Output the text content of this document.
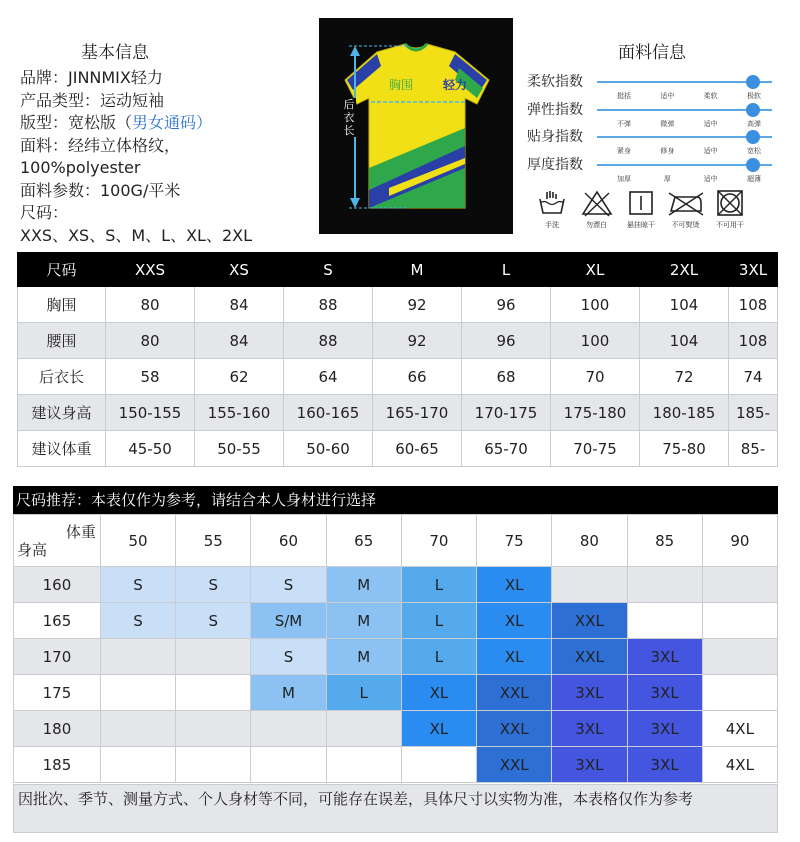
基本信息
品牌：JINNMIX轻力
产品类型：运动短袖
版型：宽松版（男女通码）
面料：经纬立体格纹，
100%polyester
面料参数：100G/平米
尺码：
XXS、XS、S、M、L、XL、2XL
后衣长
胸围 轻力
面料信息
柔软指数
挺括	适中	柔软	极软
弹性指数
不弹	微弹	适中	高弹
贴身指数
紧身	修身	适中	宽松
厚度指数
加厚	厚	适中	超薄
手洗	勿漂白	悬挂晾干	不可熨烫	不可用干
尺码	XXS	XS	S	M	L	XL	2XL	3XL
胸围	80	84	88	92	96	100	104	108
腰围	80	84	88	92	96	100	104	108
后衣长	58	62	64	66	68	70	72	74
建议身高	150-155	155-160	160-165	165-170	170-175	175-180	180-185	185-
建议体重	45-50	50-55	50-60	60-65	65-70	70-75	75-80	85-
尺码推荐：本表仅作为参考，请结合本人身材进行选择
体重
身高	50	55	60	65	70	75	80	85	90
160	S	S	S	M	L	XL			
165	S	S	S/M	M	L	XL	XXL		
170			S	M	L	XL	XXL	3XL	
175			M	L	XL	XXL	3XL	3XL	
180					XL	XXL	3XL	3XL	4XL
185						XXL	3XL	3XL	4XL
因批次、季节、测量方式、个人身材等不同，可能存在误差，具体尺寸以实物为准，本表格仅作为参考
